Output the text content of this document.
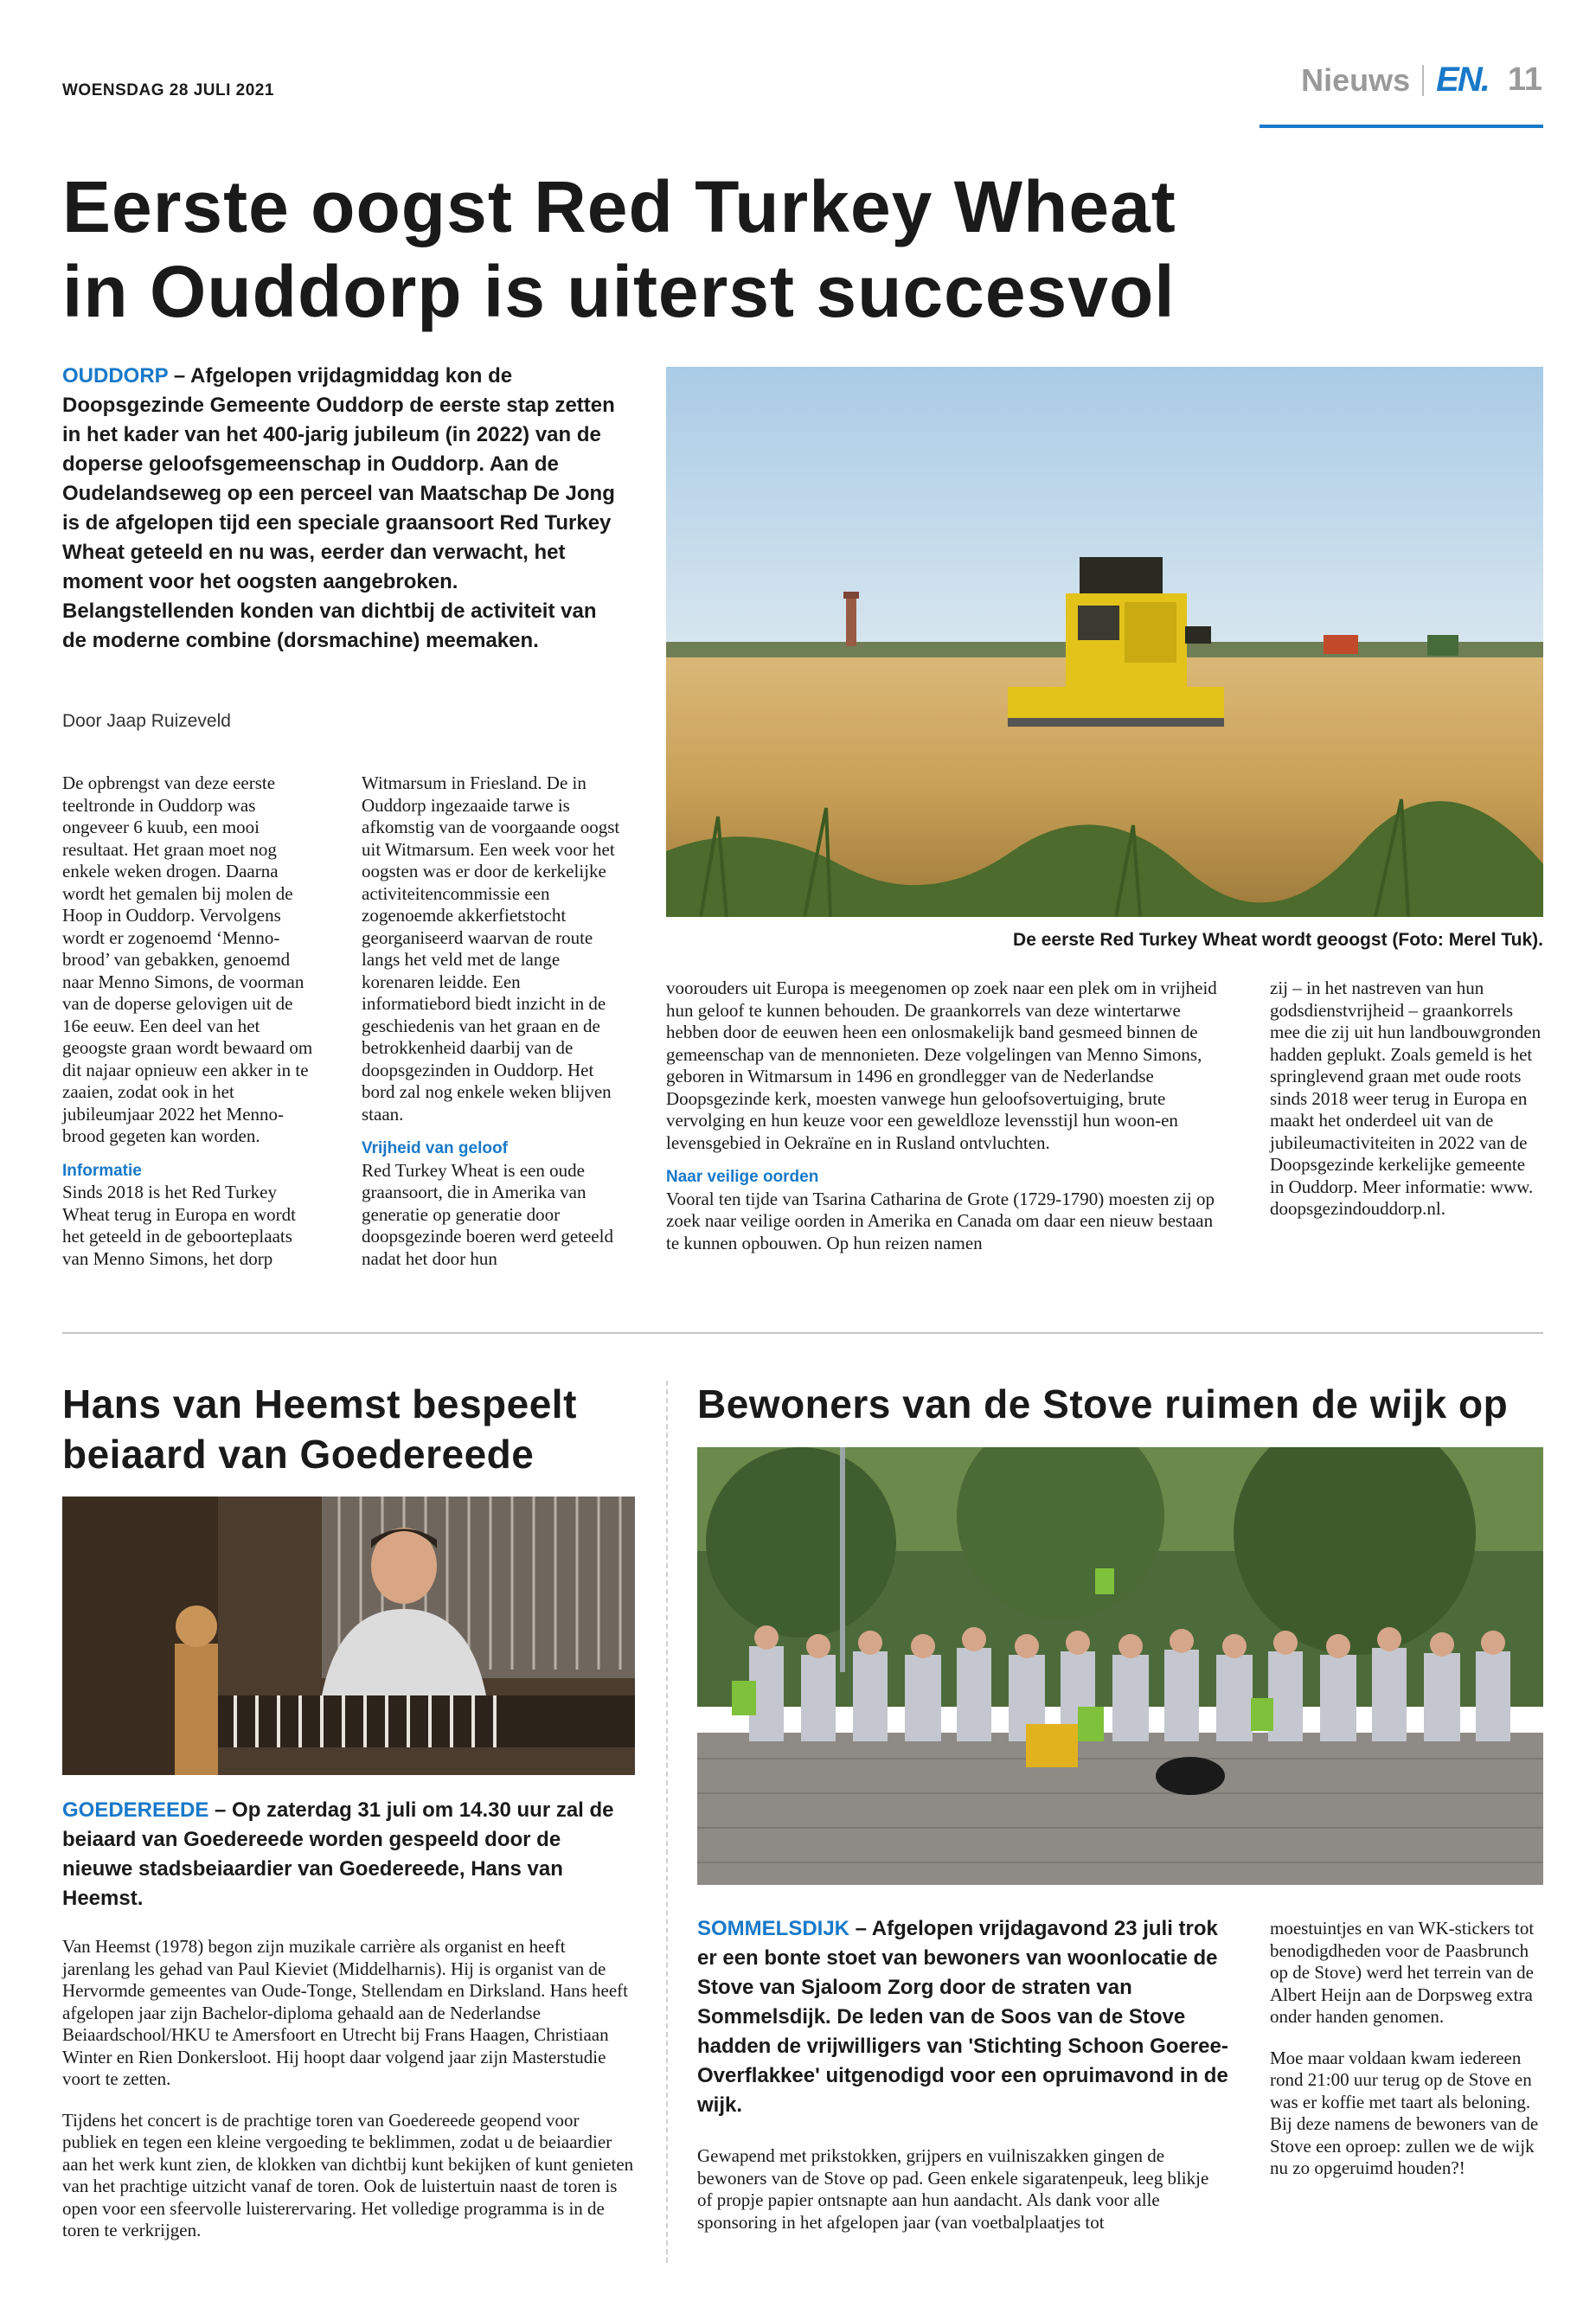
WOENSDAG 28 JULI 2021	Nieuws EN. 11
Eerste oogst Red Turkey Wheat in Ouddorp is uiterst succesvol
OUDDORP – Afgelopen vrijdagmiddag kon de Doopsgezinde Gemeente Ouddorp de eerste stap zetten in het kader van het 400-jarig jubileum (in 2022) van de doperse geloofsgemeenschap in Ouddorp. Aan de Oudelandseweg op een perceel van Maatschap De Jong is de afgelopen tijd een speciale graansoort Red Turkey Wheat geteeld en nu was, eerder dan verwacht, het moment voor het oogsten aangebroken. Belangstellenden konden van dichtbij de activiteit van de moderne combine (dorsmachine) meemaken.
Door Jaap Ruizeveld
De eerste Red Turkey Wheat wordt geoogst (Foto: Merel Tuk).

De opbrengst van deze eerste teeltronde in Ouddorp was ongeveer 6 kuub, een mooi resultaat. Het graan moet nog enkele weken drogen. Daarna wordt het gemalen bij molen de Hoop in Ouddorp. Vervolgens wordt er zogenoemd ‘Menno-brood’ van gebakken, genoemd naar Menno Simons, de voorman van de doperse gelovigen uit de 16e eeuw. Een deel van het geoogste graan wordt bewaard om dit najaar opnieuw een akker in te zaaien, zodat ook in het jubileumjaar 2022 het Menno-brood gegeten kan worden.

Informatie

Sinds 2018 is het Red Turkey Wheat terug in Europa en wordt het geteeld in de geboorteplaats van Menno Simons, het dorp

Witmarsum in Friesland. De in Ouddorp ingezaaide tarwe is afkomstig van de voorgaande oogst uit Witmarsum. Een week voor het oogsten was er door de kerkelijke activiteitencommissie een zogenoemde akkerfietstocht georganiseerd waarvan de route langs het veld met de lange korenaren leidde. Een informatiebord biedt inzicht in de geschiedenis van het graan en de betrokkenheid daarbij van de doopsgezinden in Ouddorp. Het bord zal nog enkele weken blijven staan.

Vrijheid van geloof

Red Turkey Wheat is een oude graansoort, die in Amerika van generatie op generatie door doopsgezinde boeren werd geteeld nadat het door hun

voorouders uit Europa is meegenomen op zoek naar een plek om in vrijheid hun geloof te kunnen behouden. De graankorrels van deze wintertarwe hebben door de eeuwen heen een onlosmakelijk band gesmeed binnen de gemeenschap van de mennonieten. Deze volgelingen van Menno Simons, geboren in Witmarsum in 1496 en grondlegger van de Nederlandse Doopsgezinde kerk, moesten vanwege hun geloofsovertuiging, brute vervolging en hun keuze voor een geweldloze levensstijl hun woon-en levensgebied in Oekraïne en in Rusland ontvluchten.

Naar veilige oorden

Vooral ten tijde van Tsarina Catharina de Grote (1729-1790) moesten zij op zoek naar veilige oorden in Amerika en Canada om daar een nieuw bestaan te kunnen opbouwen. Op hun reizen namen

zij – in het nastreven van hun godsdienstvrijheid – graankorrels mee die zij uit hun landbouwgronden hadden geplukt. Zoals gemeld is het springlevend graan met oude roots sinds 2018 weer terug in Europa en maakt het onderdeel uit van de jubileumactiviteiten in 2022 van de Doopsgezinde kerkelijke gemeente in Ouddorp. Meer informatie: www. doopsgezindouddorp.nl.

Hans van Heemst bespeelt beiaard van Goedereede
GOEDEREEDE – Op zaterdag 31 juli om 14.30 uur zal de beiaard van Goedereede worden gespeeld door de nieuwe stadsbeiaardier van Goedereede, Hans van Heemst.

Van Heemst (1978) begon zijn muzikale carrière als organist en heeft jarenlang les gehad van Paul Kieviet (Middelharnis). Hij is organist van de Hervormde gemeentes van Oude-Tonge, Stellendam en Dirksland. Hans heeft afgelopen jaar zijn Bachelor-diploma gehaald aan de Nederlandse Beiaardschool/HKU te Amersfoort en Utrecht bij Frans Haagen, Christiaan Winter en Rien Donkersloot. Hij hoopt daar volgend jaar zijn Masterstudie voort te zetten.

Tijdens het concert is de prachtige toren van Goedereede geopend voor publiek en tegen een kleine vergoeding te beklimmen, zodat u de beiaardier aan het werk kunt zien, de klokken van dichtbij kunt bekijken of kunt genieten van het prachtige uitzicht vanaf de toren. Ook de luistertuin naast de toren is open voor een sfeervolle luisterervaring. Het volledige programma is in de toren te verkrijgen.

Bewoners van de Stove ruimen de wijk op
SOMMELSDIJK – Afgelopen vrijdagavond 23 juli trok er een bonte stoet van bewoners van woonlocatie de Stove van Sjaloom Zorg door de straten van Sommelsdijk. De leden van de Soos van de Stove hadden de vrijwilligers van 'Stichting Schoon Goeree-Overflakkee' uitgenodigd voor een opruimavond in de wijk.

Gewapend met prikstokken, grijpers en vuilniszakken gingen de bewoners van de Stove op pad. Geen enkele sigaratenpeuk, leeg blikje of propje papier ontsnapte aan hun aandacht. Als dank voor alle sponsoring in het afgelopen jaar (van voetbalplaatjes tot

moestuintjes en van WK-stickers tot benodigdheden voor de Paasbrunch op de Stove) werd het terrein van de Albert Heijn aan de Dorpsweg extra onder handen genomen.

Moe maar voldaan kwam iedereen rond 21:00 uur terug op de Stove en was er koffie met taart als beloning. Bij deze namens de bewoners van de Stove een oproep: zullen we de wijk nu zo opgeruimd houden?!
